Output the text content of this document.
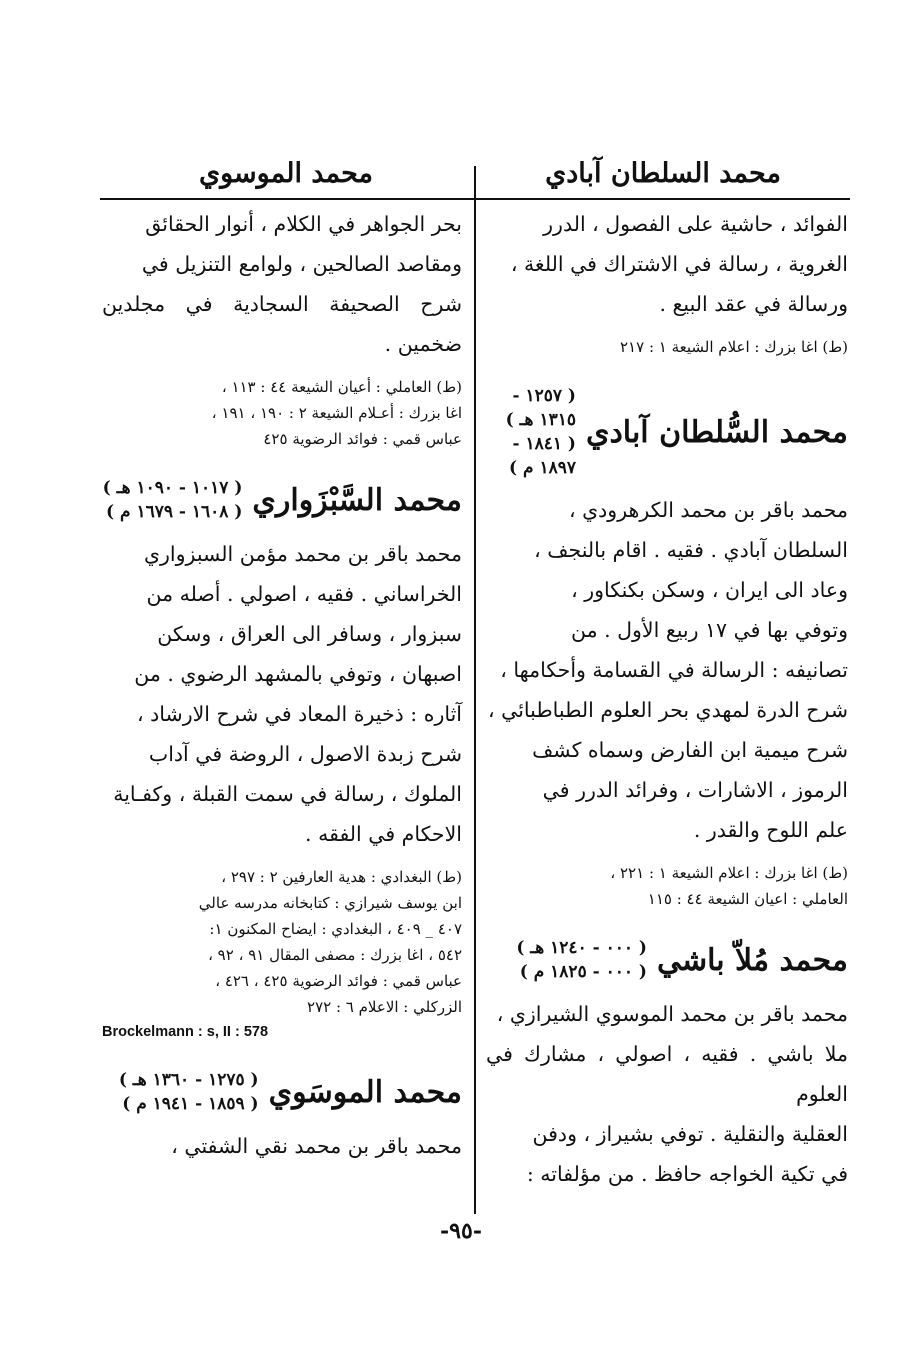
محمد السلطان آبادي
محمد الموسوي

الفوائد ، حاشية على الفصول ، الدرر

الغروية ، رسالة في الاشتراك في اللغة ،

ورسالة في عقد البيع .

(ط) اغا بزرك : اعلام الشيعة ١ : ٢١٧

محمد السُّلطان آبادي
( ١٢٥٧ - ١٣١٥ هـ )
( ١٨٤١ - ١٨٩٧ م )

محمد باقر بن محمد الكرهرودي ،

السلطان آبادي . فقيه . اقام بالنجف ،

وعاد الى ايران ، وسكن بكنكاور ،

وتوفي بها في ١٧ ربيع الأول . من

تصانيفه : الرسالة في القسامة وأحكامها ،

شرح الدرة لمهدي بحر العلوم الطباطبائي ،

شرح ميمية ابن الفارض وسماه كشف

الرموز ، الاشارات ، وفرائد الدرر في

علم اللوح والقدر .

(ط) اغا بزرك : اعلام الشيعة ١ : ٢٢١ ،

العاملي : اعيان الشيعة ٤٤ : ١١٥

محمد مُلاّ باشي
( ٠٠٠ - ١٢٤٠ هـ )
( ٠٠٠ - ١٨٢٥ م )

محمد باقر بن محمد الموسوي الشيرازي ،

ملا باشي . فقيه ، اصولي ، مشارك في العلوم

العقلية والنقلية . توفي بشيراز ، ودفن

في تكية الخواجه حافظ . من مؤلفاته :

بحر الجواهر في الكلام ، أنوار الحقائق

ومقاصد الصالحين ، ولوامع التنزيل في

شرح الصحيفة السجادية في مجلدين ضخمين .

(ط) العاملي : أعيان الشيعة ٤٤ : ١١٣ ،

اغا بزرك : أعـلام الشيعة ٢ : ١٩٠ ، ١٩١ ،

عباس قمي : فوائد الرضوية ٤٢٥

محمد السَّبْزَواري
( ١٠١٧ - ١٠٩٠ هـ )
( ١٦٠٨ - ١٦٧٩ م )

محمد باقر بن محمد مؤمن السبزواري

الخراساني . فقيه ، اصولي . أصله من

سبزوار ، وسافر الى العراق ، وسكن

اصبهان ، وتوفي بالمشهد الرضوي . من

آثاره : ذخيرة المعاد في شرح الارشاد ،

شرح زبدة الاصول ، الروضة في آداب

الملوك ، رسالة في سمت القبلة ، وكفـاية

الاحكام في الفقه .

(ط) البغدادي : هدية العارفين ٢ : ٢٩٧ ،

ابن يوسف شيرازي : كتابخانه مدرسه عالي

٤٠٧ _ ٤٠٩ ، البغدادي : ايضاح المكنون ١:

٥٤٢ ، اغا بزرك : مصفى المقال ٩١ ، ٩٢ ،

عباس قمي : فوائد الرضوية ٤٢٥ ، ٤٢٦ ،

الزركلي : الاعلام ٦ : ٢٧٢

Brockelmann : s, II : 578

محمد الموسَوي
( ١٢٧٥ - ١٣٦٠ هـ )
( ١٨٥٩ - ١٩٤١ م )

محمد باقر بن محمد نقي الشفتي ،

-٩٥-
